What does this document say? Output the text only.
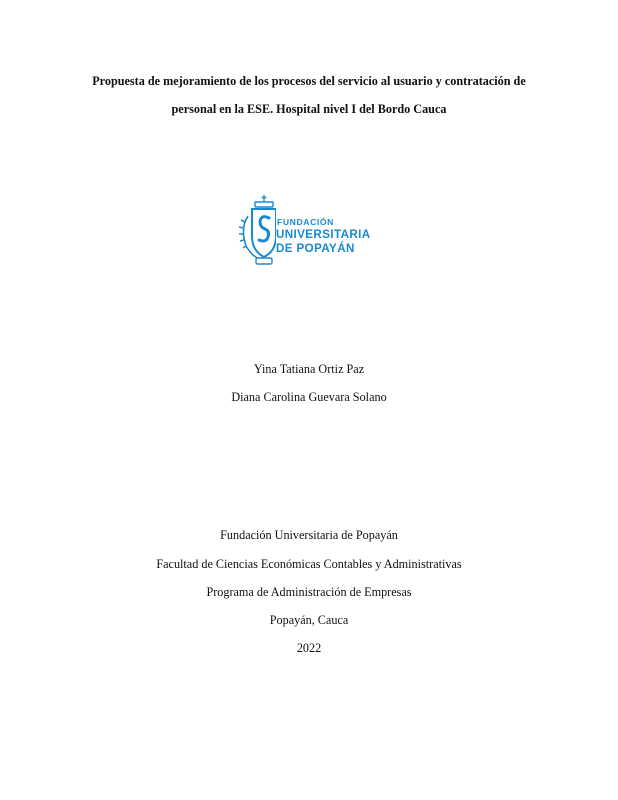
Propuesta de mejoramiento de los procesos del servicio al usuario y contratación de
personal en la ESE. Hospital nivel I del Bordo Cauca
FUNDACIÓN
UNIVERSITARIA
DE POPAYÁN
Yina Tatiana Ortiz Paz
Diana Carolina Guevara Solano
Fundación Universitaria de Popayán
Facultad de Ciencias Económicas Contables y Administrativas
Programa de Administración de Empresas
Popayán, Cauca
2022
